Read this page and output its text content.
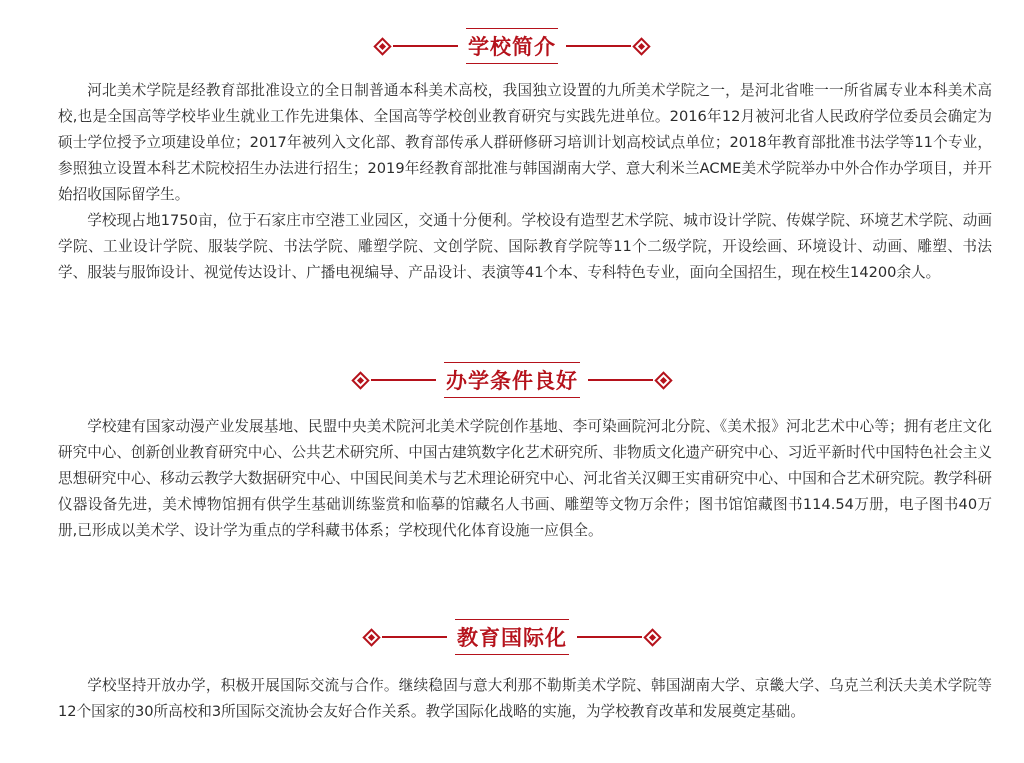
学校简介

河北美术学院是经教育部批准设立的全日制普通本科美术高校，我国独立设置的九所美术学院之一，是河北省唯一一所省属专业本科美术高校,也是全国高等学校毕业生就业工作先进集体、全国高等学校创业教育研究与实践先进单位。2016年12月被河北省人民政府学位委员会确定为硕士学位授予立项建设单位；2017年被列入文化部、教育部传承人群研修研习培训计划高校试点单位；2018年教育部批准书法学等11个专业，参照独立设置本科艺术院校招生办法进行招生；2019年经教育部批准与韩国湖南大学、意大利米兰ACME美术学院举办中外合作办学项目，并开始招收国际留学生。

学校现占地1750亩，位于石家庄市空港工业园区，交通十分便利。学校设有造型艺术学院、城市设计学院、传媒学院、环境艺术学院、动画学院、工业设计学院、服装学院、书法学院、雕塑学院、文创学院、国际教育学院等11个二级学院，开设绘画、环境设计、动画、雕塑、书法学、服装与服饰设计、视觉传达设计、广播电视编导、产品设计、表演等41个本、专科特色专业，面向全国招生，现在校生14200余人。

办学条件良好

学校建有国家动漫产业发展基地、民盟中央美术院河北美术学院创作基地、李可染画院河北分院、《美术报》河北艺术中心等；拥有老庄文化研究中心、创新创业教育研究中心、公共艺术研究所、中国古建筑数字化艺术研究所、非物质文化遗产研究中心、习近平新时代中国特色社会主义思想研究中心、移动云教学大数据研究中心、中国民间美术与艺术理论研究中心、河北省关汉卿王实甫研究中心、中国和合艺术研究院。教学科研仪器设备先进，美术博物馆拥有供学生基础训练鉴赏和临摹的馆藏名人书画、雕塑等文物万余件；图书馆馆藏图书114.54万册，电子图书40万册,已形成以美术学、设计学为重点的学科藏书体系；学校现代化体育设施一应俱全。

教育国际化

学校坚持开放办学，积极开展国际交流与合作。继续稳固与意大利那不勒斯美术学院、韩国湖南大学、京畿大学、乌克兰利沃夫美术学院等12个国家的30所高校和3所国际交流协会友好合作关系。教学国际化战略的实施，为学校教育改革和发展奠定基础。
